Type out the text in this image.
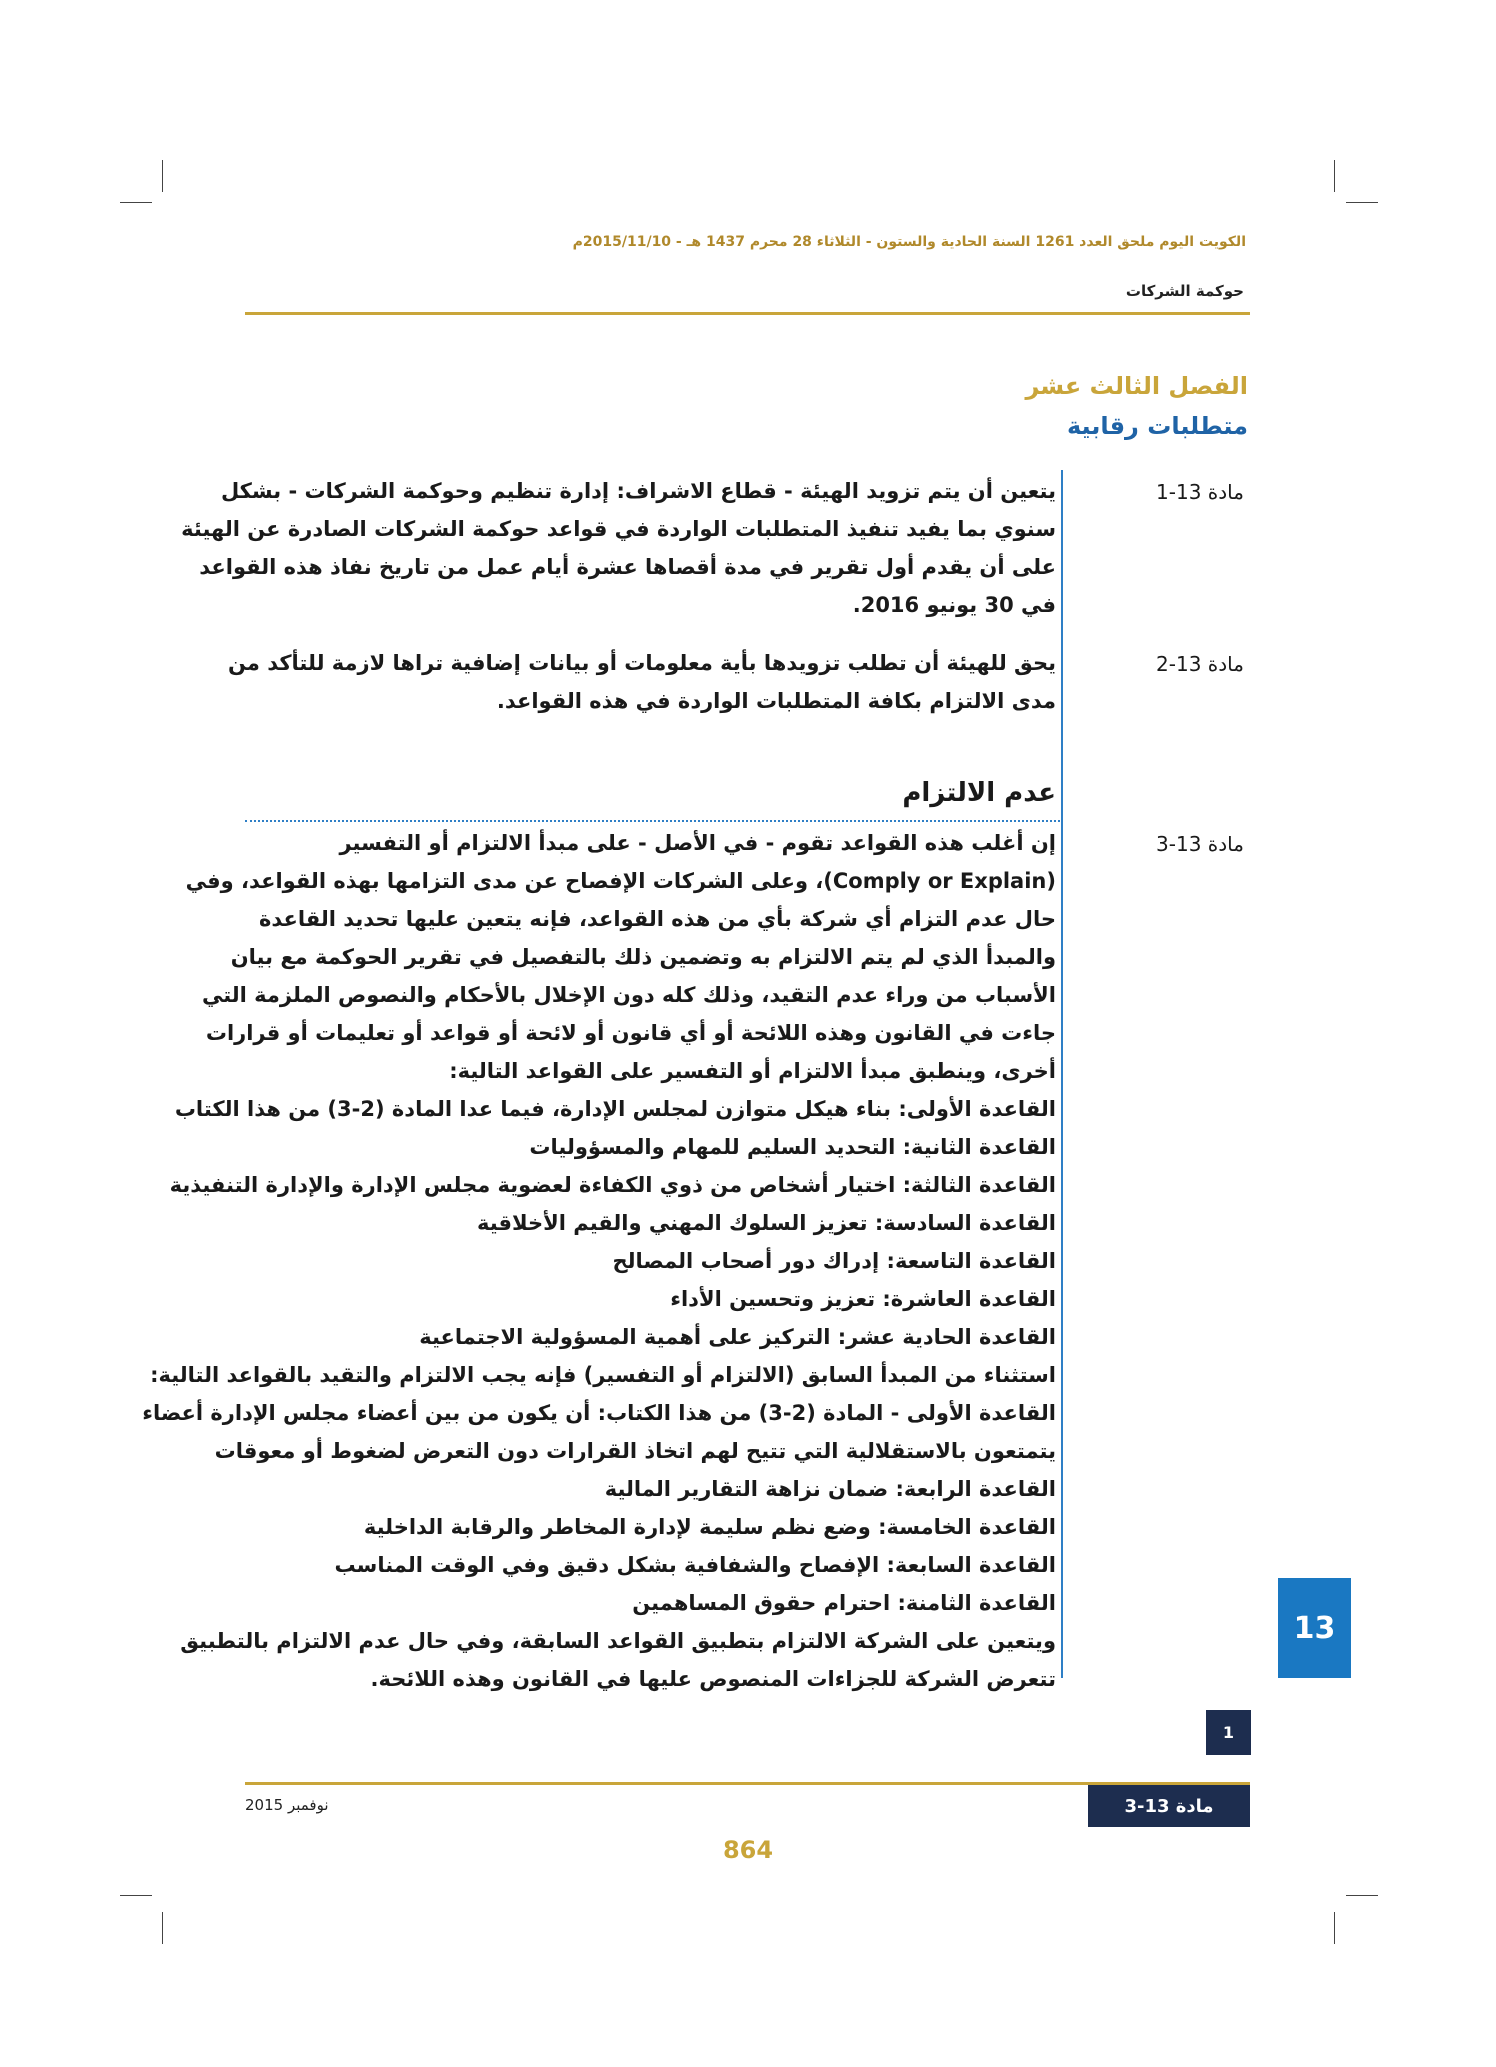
الكويت اليوم ملحق العدد 1261 السنة الحادية والستون - الثلاثاء 28 محرم 1437 هـ - 2015/11/10م
حوكمة الشركات
الفصل الثالث عشر
متطلبات رقابية
مادة 13-1
يتعين أن يتم تزويد الهيئة - قطاع الاشراف: إدارة تنظيم وحوكمة الشركات - بشكل
سنوي بما يفيد تنفيذ المتطلبات الواردة في قواعد حوكمة الشركات الصادرة عن الهيئة
على أن يقدم أول تقرير في مدة أقصاها عشرة أيام عمل من تاريخ نفاذ هذه القواعد
في 30 يونيو 2016.
مادة 13-2
يحق للهيئة أن تطلب تزويدها بأية معلومات أو بيانات إضافية تراها لازمة للتأكد من
مدى الالتزام بكافة المتطلبات الواردة في هذه القواعد.
عدم الالتزام
مادة 13-3
إن أغلب هذه القواعد تقوم - في الأصل - على مبدأ الالتزام أو التفسير
(Comply or Explain)، وعلى الشركات الإفصاح عن مدى التزامها بهذه القواعد، وفي
حال عدم التزام أي شركة بأي من هذه القواعد، فإنه يتعين عليها تحديد القاعدة
والمبدأ الذي لم يتم الالتزام به وتضمين ذلك بالتفصيل في تقرير الحوكمة مع بيان
الأسباب من وراء عدم التقيد، وذلك كله دون الإخلال بالأحكام والنصوص الملزمة التي
جاءت في القانون وهذه اللائحة أو أي قانون أو لائحة أو قواعد أو تعليمات أو قرارات
أخرى، وينطبق مبدأ الالتزام أو التفسير على القواعد التالية:
القاعدة الأولى: بناء هيكل متوازن لمجلس الإدارة، فيما عدا المادة (2-3) من هذا الكتاب
القاعدة الثانية: التحديد السليم للمهام والمسؤوليات
القاعدة الثالثة: اختيار أشخاص من ذوي الكفاءة لعضوية مجلس الإدارة والإدارة التنفيذية
القاعدة السادسة: تعزيز السلوك المهني والقيم الأخلاقية
القاعدة التاسعة: إدراك دور أصحاب المصالح
القاعدة العاشرة: تعزيز وتحسين الأداء
القاعدة الحادية عشر: التركيز على أهمية المسؤولية الاجتماعية
استثناء من المبدأ السابق (الالتزام أو التفسير) فإنه يجب الالتزام والتقيد بالقواعد التالية:
القاعدة الأولى - المادة (2-3) من هذا الكتاب: أن يكون من بين أعضاء مجلس الإدارة أعضاء
يتمتعون بالاستقلالية التي تتيح لهم اتخاذ القرارات دون التعرض لضغوط أو معوقات
القاعدة الرابعة: ضمان نزاهة التقارير المالية
القاعدة الخامسة: وضع نظم سليمة لإدارة المخاطر والرقابة الداخلية
القاعدة السابعة: الإفصاح والشفافية بشكل دقيق وفي الوقت المناسب
القاعدة الثامنة: احترام حقوق المساهمين
ويتعين على الشركة الالتزام بتطبيق القواعد السابقة، وفي حال عدم الالتزام بالتطبيق
تتعرض الشركة للجزاءات المنصوص عليها في القانون وهذه اللائحة.
13
1
مادة 13-3
نوفمبر 2015
864
